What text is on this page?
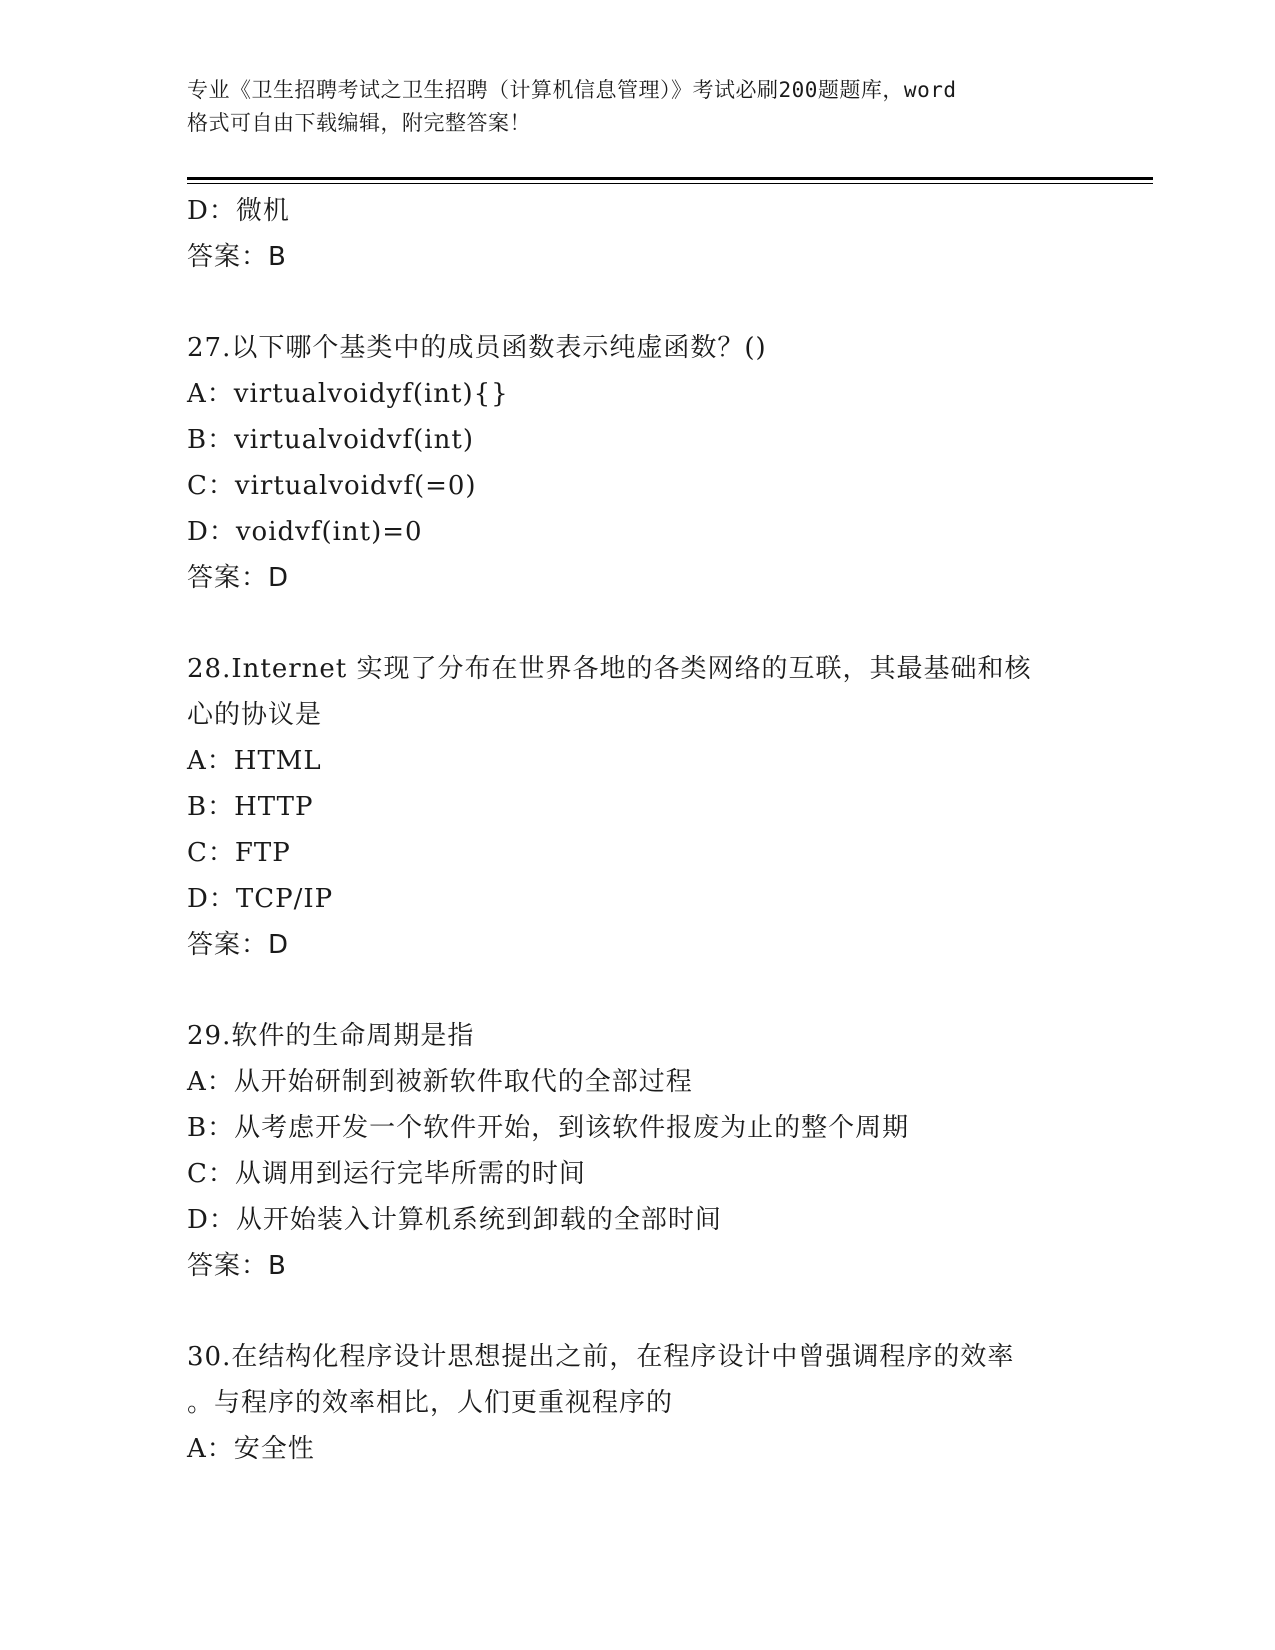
专业《卫生招聘考试之卫生招聘（计算机信息管理）》考试必刷200题题库，word
格式可自由下载编辑，附完整答案！
D：微机
答案：B
27.以下哪个基类中的成员函数表示纯虚函数？()
A：virtualvoidyf(int){}
B：virtualvoidvf(int)
C：virtualvoidvf(=0)
D：voidvf(int)=0
答案：D
28.Internet 实现了分布在世界各地的各类网络的互联，其最基础和核
心的协议是
A：HTML
B：HTTP
C：FTP
D：TCP/IP
答案：D
29.软件的生命周期是指
A：从开始研制到被新软件取代的全部过程
B：从考虑开发一个软件开始，到该软件报废为止的整个周期
C：从调用到运行完毕所需的时间
D：从开始装入计算机系统到卸载的全部时间
答案：B
30.在结构化程序设计思想提出之前，在程序设计中曾强调程序的效率
。与程序的效率相比，人们更重视程序的
A：安全性
